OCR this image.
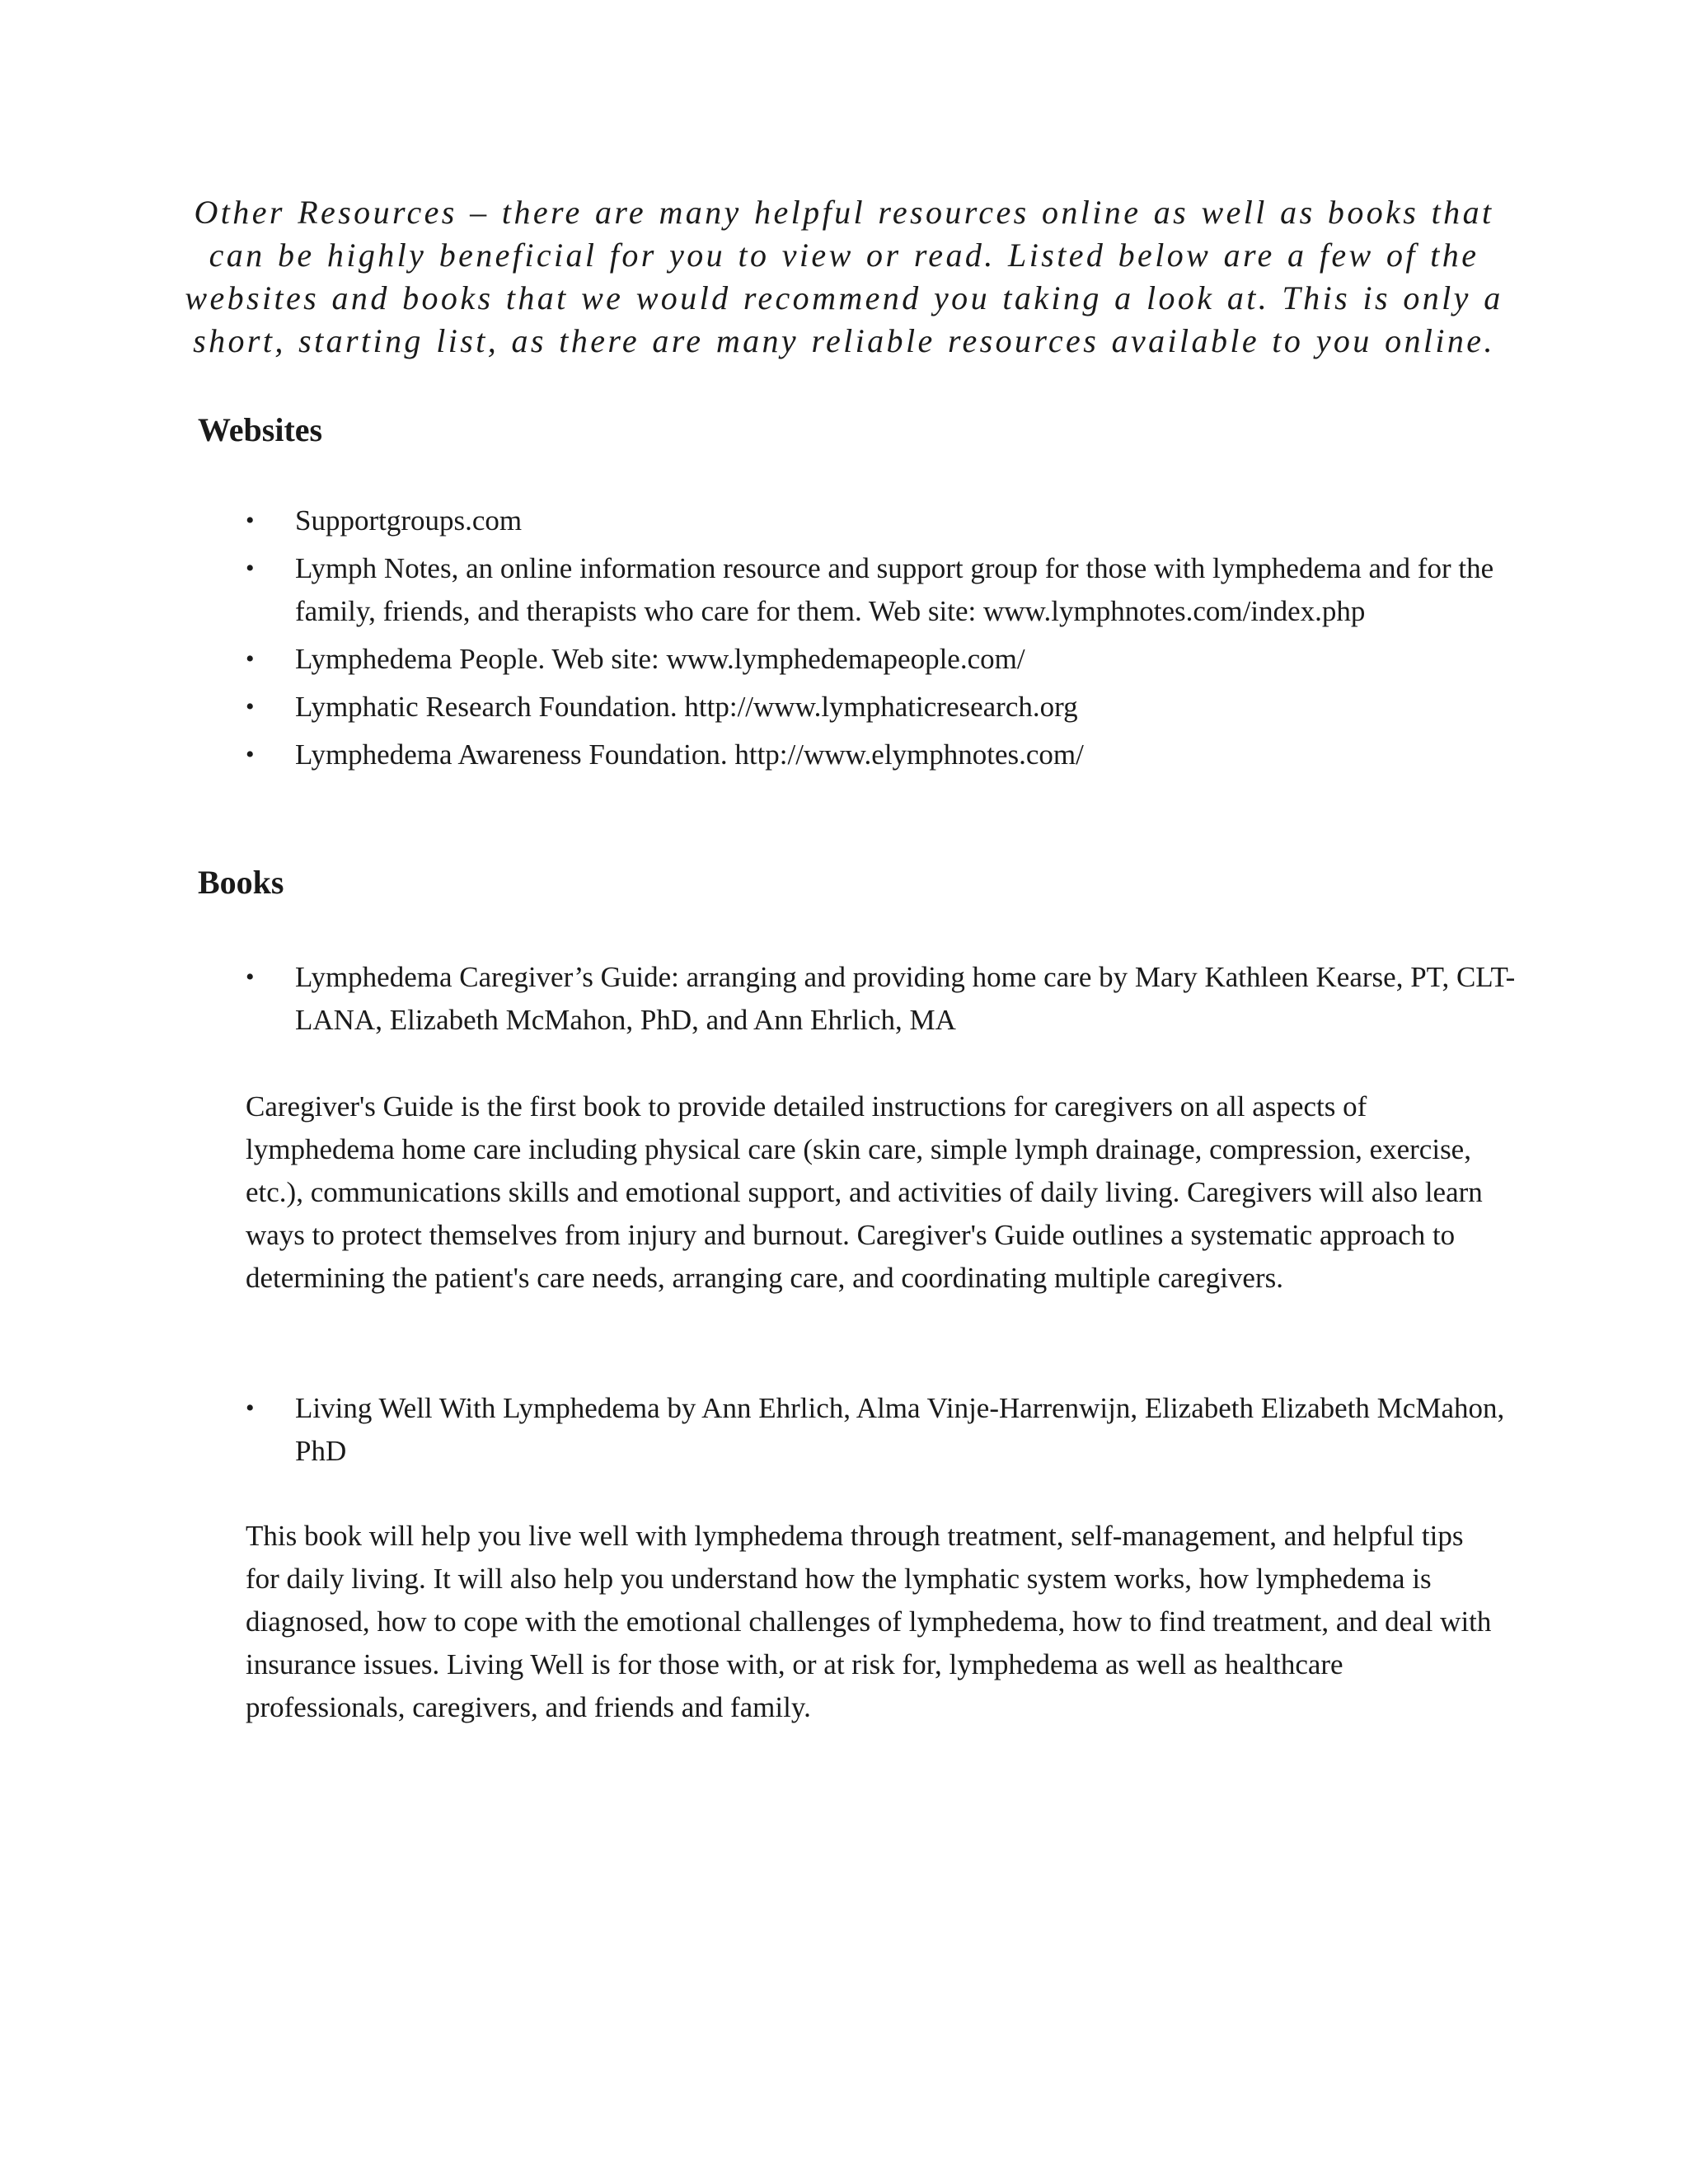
Other Resources – there are many helpful resources online as well as books that can be highly beneficial for you to view or read. Listed below are a few of the websites and books that we would recommend you taking a look at. This is only a short, starting list, as there are many reliable resources available to you online.

Websites
• Supportgroups.com
• Lymph Notes, an online information resource and support group for those with lymphedema and for the family, friends, and therapists who care for them. Web site: www.lymphnotes.com/index.php
• Lymphedema People. Web site: www.lymphedemapeople.com/
• Lymphatic Research Foundation. http://www.lymphaticresearch.org
• Lymphedema Awareness Foundation. http://www.elymphnotes.com/
Books
• Lymphedema Caregiver’s Guide: arranging and providing home care by Mary Kathleen Kearse, PT, CLT-LANA, Elizabeth McMahon, PhD, and Ann Ehrlich, MA

Caregiver's Guide is the first book to provide detailed instructions for caregivers on all aspects of lymphedema home care including physical care (skin care, simple lymph drainage, compression, exercise, etc.), communications skills and emotional support, and activities of daily living. Caregivers will also learn ways to protect themselves from injury and burnout. Caregiver's Guide outlines a systematic approach to determining the patient's care needs, arranging care, and coordinating multiple caregivers.

• Living Well With Lymphedema by Ann Ehrlich, Alma Vinje-Harrenwijn, Elizabeth Elizabeth McMahon, PhD

This book will help you live well with lymphedema through treatment, self-management, and helpful tips for daily living. It will also help you understand how the lymphatic system works, how lymphedema is diagnosed, how to cope with the emotional challenges of lymphedema, how to find treatment, and deal with insurance issues. Living Well is for those with, or at risk for, lymphedema as well as healthcare professionals, caregivers, and friends and family.
